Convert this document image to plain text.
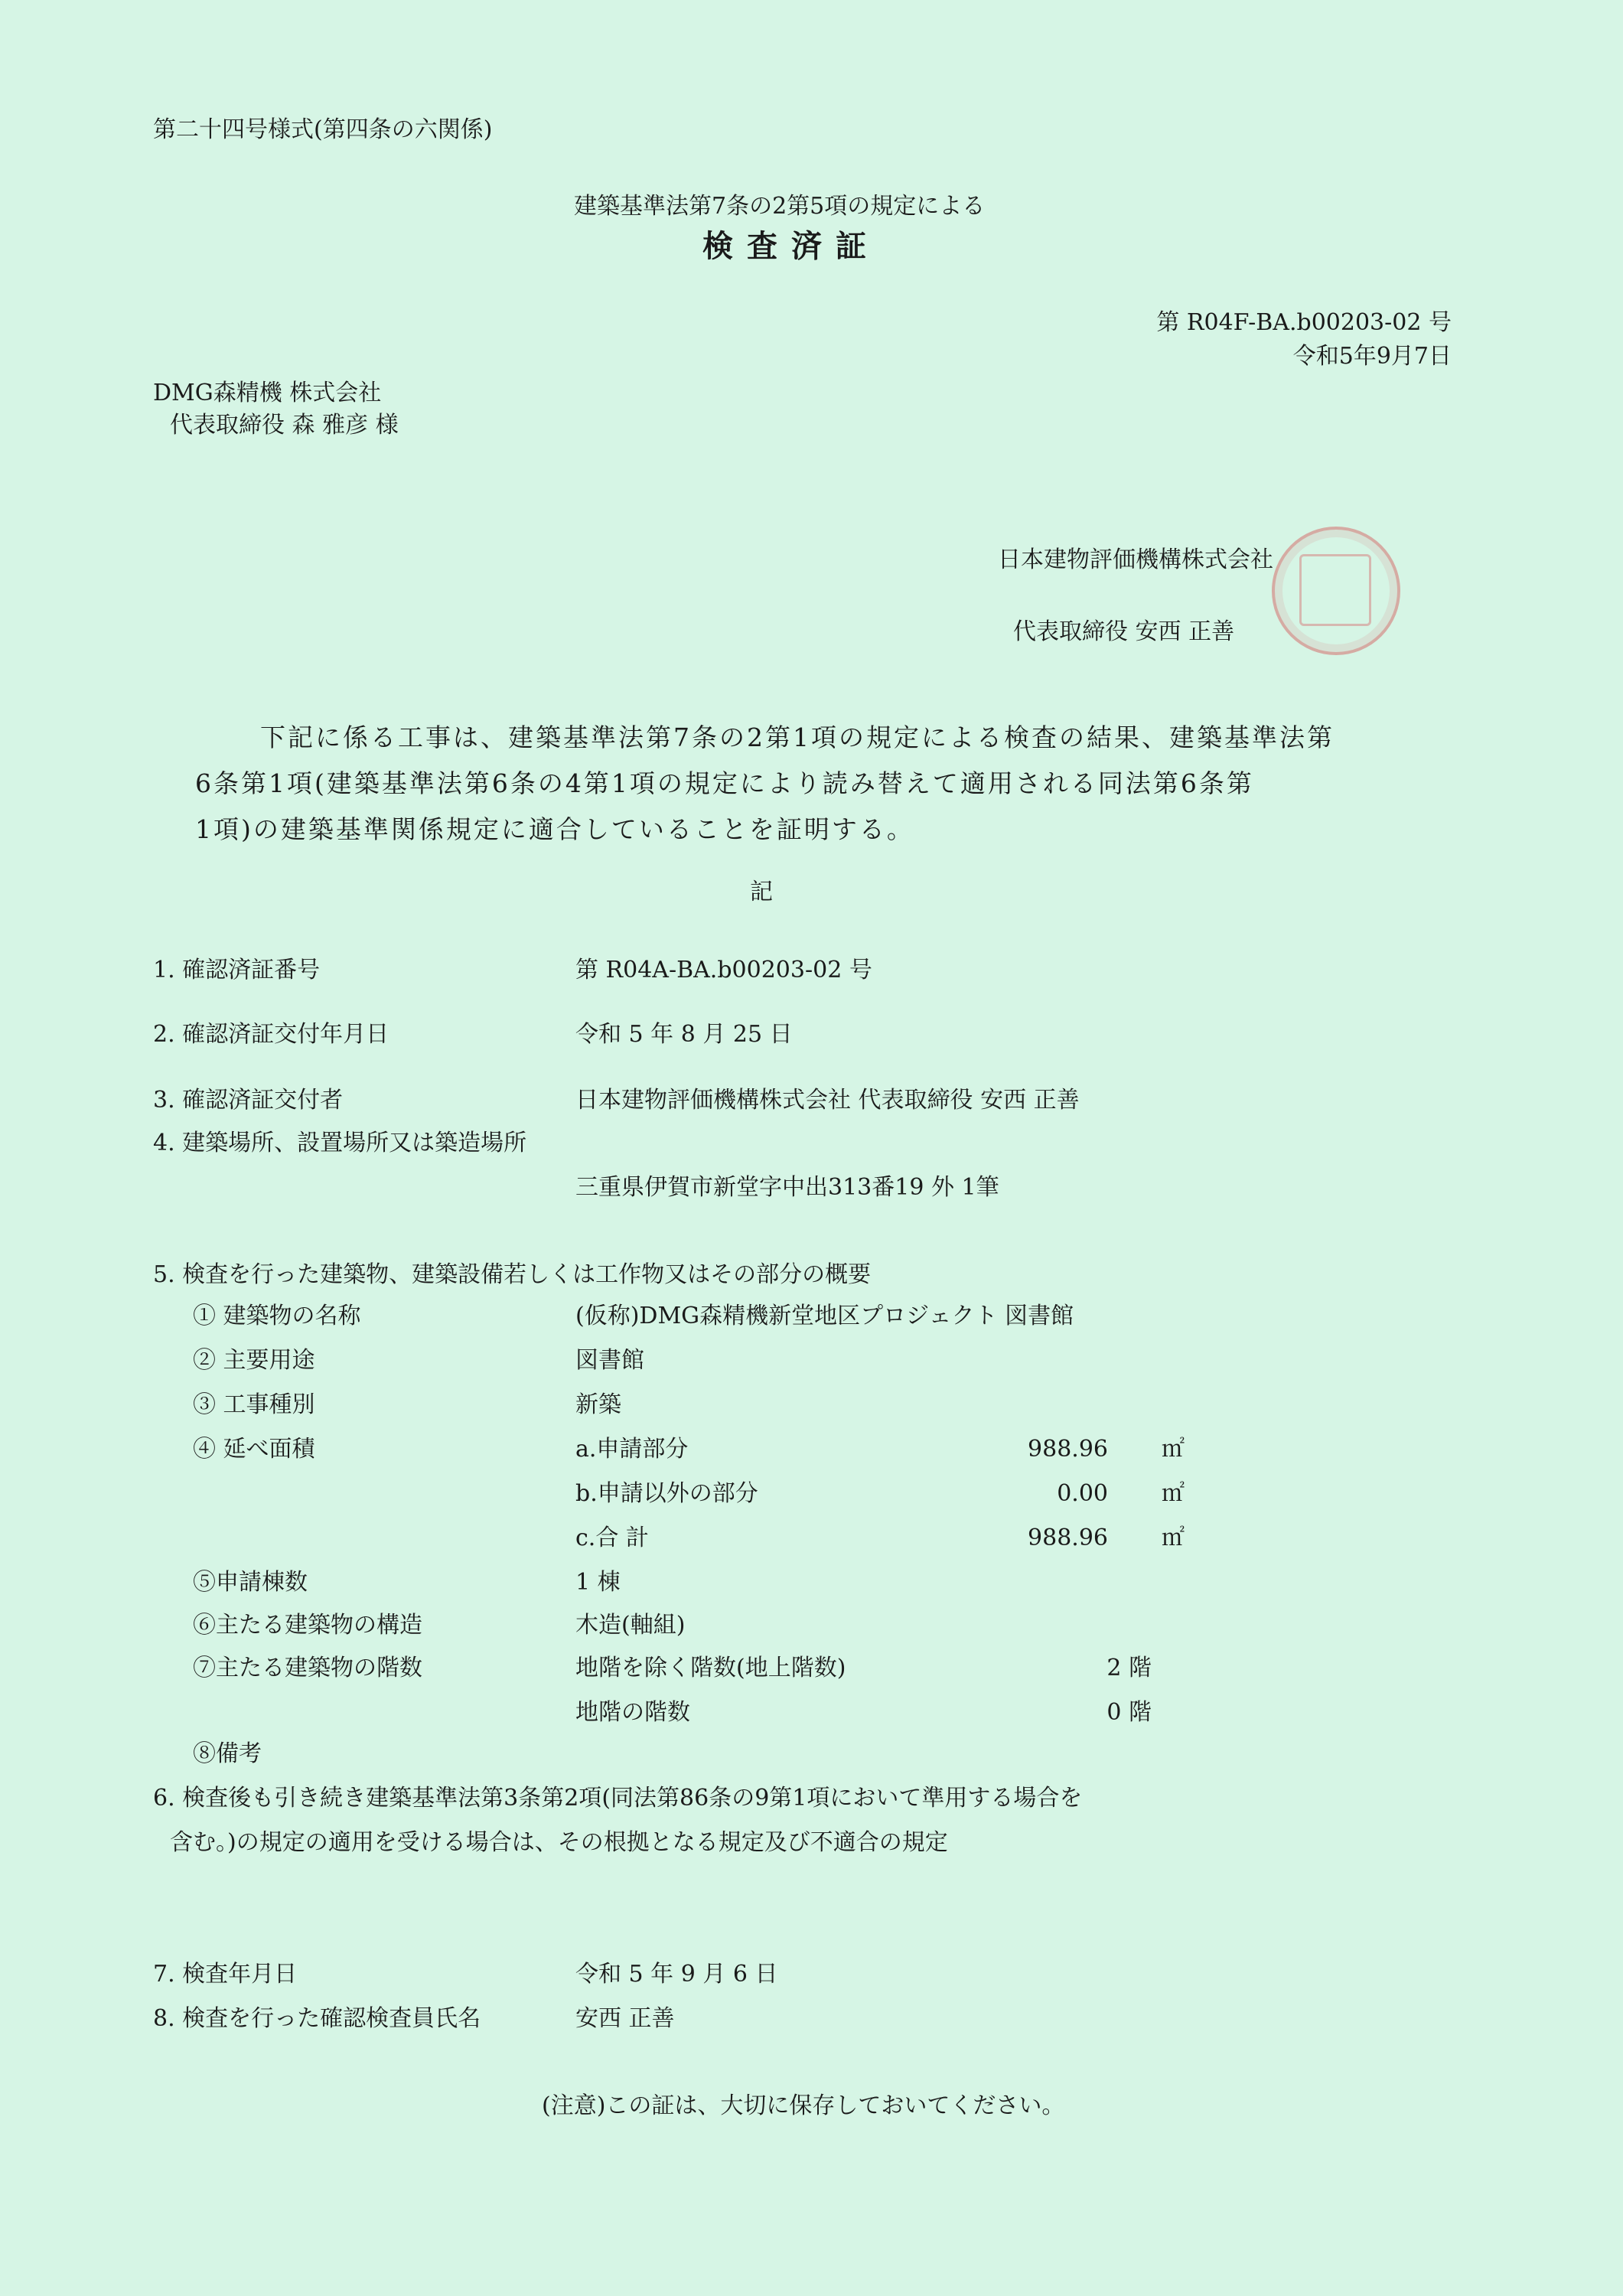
第二十四号様式(第四条の六関係)
建築基準法第7条の2第5項の規定による
検査済証
第 R04F-BA.b00203-02 号
令和5年9月7日
DMG森精機 株式会社
代表取締役 森 雅彦 様
日本建物評価機構株式会社
代表取締役 安西 正善

下記に係る工事は、建築基準法第7条の2第1項の規定による検査の結果、建築基準法第

6条第1項(建築基準法第6条の4第1項の規定により読み替えて適用される同法第6条第

1項)の建築基準関係規定に適合していることを証明する。

記
1. 確認済証番号	第 R04A-BA.b00203-02 号
2. 確認済証交付年月日	令和 5 年 8 月 25 日
3. 確認済証交付者	日本建物評価機構株式会社 代表取締役 安西 正善
4. 建築場所、設置場所又は築造場所
三重県伊賀市新堂字中出313番19 外 1筆
5. 検査を行った建築物、建築設備若しくは工作物又はその部分の概要
① 建築物の名称	(仮称)DMG森精機新堂地区プロジェクト 図書館
② 主要用途	図書館
③ 工事種別	新築
④ 延べ面積	a.申請部分	988.96 ㎡
b.申請以外の部分	0.00 ㎡
c.合 計	988.96 ㎡
⑤申請棟数	1 棟
⑥主たる建築物の構造	木造(軸組)
⑦主たる建築物の階数	地階を除く階数(地上階数)	2 階
地階の階数	0 階
⑧備考
6. 検査後も引き続き建築基準法第3条第2項(同法第86条の9第1項において準用する場合を
含む。)の規定の適用を受ける場合は、その根拠となる規定及び不適合の規定
7. 検査年月日	令和 5 年 9 月 6 日
8. 検査を行った確認検査員氏名	安西 正善
(注意)この証は、大切に保存しておいてください。
